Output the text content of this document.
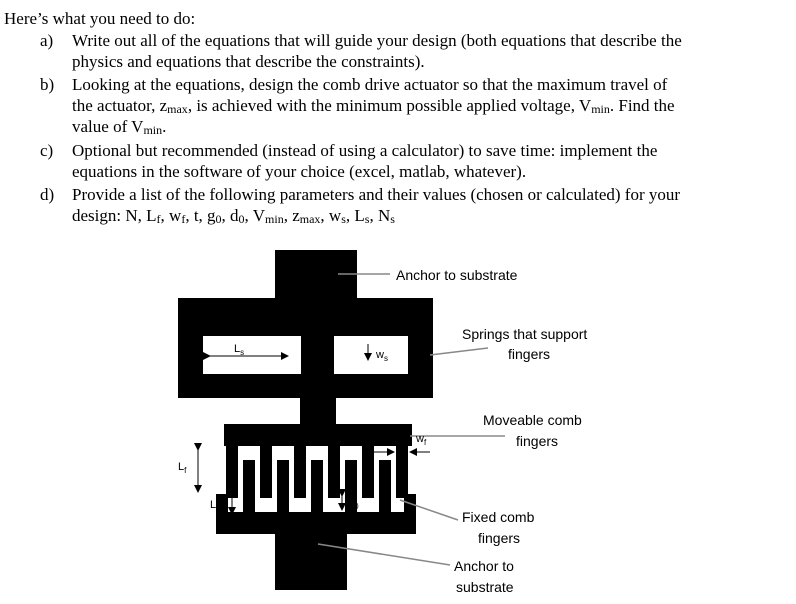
Here’s what you need to do:
a) Write out all of the equations that will guide your design (both equations that describe the
physics and equations that describe the constraints).
b) Looking at the equations, design the comb drive actuator so that the maximum travel of
the actuator, $z_{max}$, is achieved with the minimum possible applied voltage, $V_{min}$. Find the
value of $V_{min}$.
c) Optional but recommended (instead of using a calculator) to save time: implement the
equations in the software of your choice (excel, matlab, whatever).
d) Provide a list of the following parameters and their values (chosen or calculated) for your
design: N, $L_f$, $w_f$, t, $g_0$, $d_0$, $V_{min}$, $z_{max}$, $w_s$, $L_s$, $N_s$
$L_s$	$w_s$
$w_f$
$L_f$
$L_f$	$g_0$
Anchor to substrate
Springs that support
fingers
Moveable comb
fingers
Fixed comb
fingers
Anchor to
substrate
